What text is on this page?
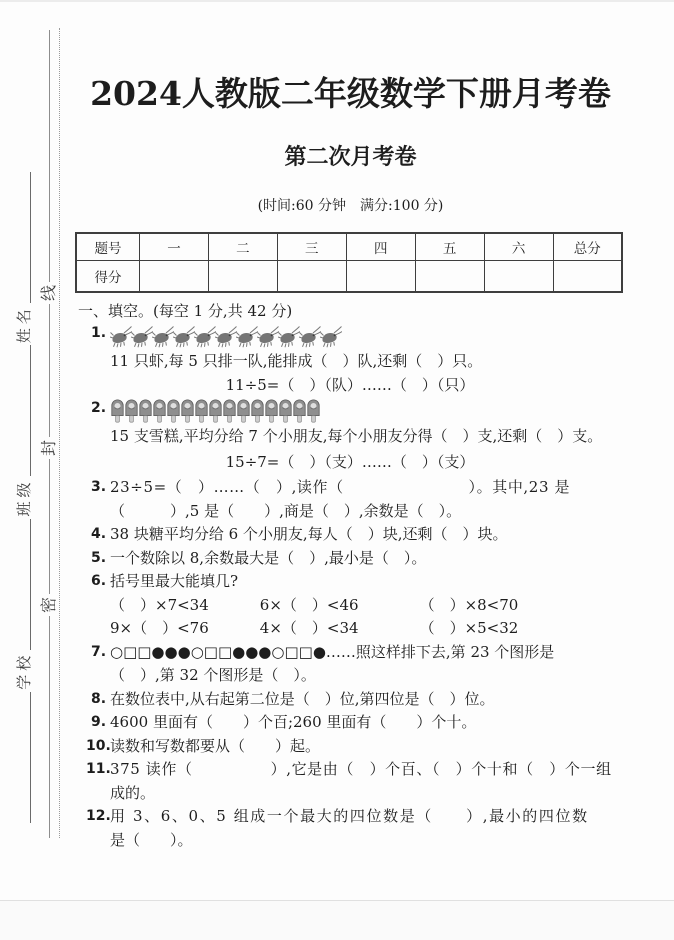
学校
班级
姓名
密
封
线
2024人教版二年级数学下册月考卷
第二次月考卷
(时间:60 分钟　满分:100 分)
题号	一	二	三	四	五	六	总分
得分							
一、填空。(每空 1 分,共 42 分)
1.
11 只虾,每 5 只排一队,能排成（　）队,还剩（　）只。
11÷5=（　）（队）……（　）（只）
2.
15 支雪糕,平均分给 7 个小朋友,每个小朋友分得（　）支,还剩（　）支。
15÷7=（　）（支）……（　）（支）
3. 23÷5=（　）……（　）,读作（　　　　　　　　）。其中,23 是
（　　　）,5 是（　　）,商是（　）,余数是（　）。
4. 38 块糖平均分给 6 个小朋友,每人（　）块,还剩（　）块。
5. 一个数除以 8,余数最大是（　）,最小是（　）。
6. 括号里最大能填几?
（　）×7<34	6×（　）<46	（　）×8<70
9×（　）<76	4×（　）<34	（　）×5<32
7. ○□□●●●○□□●●●○□□●……照这样排下去,第 23 个图形是
（　）,第 32 个图形是（　）。
8. 在数位表中,从右起第二位是（　）位,第四位是（　）位。
9. 4600 里面有（　　）个百;260 里面有（　　）个十。
10. 读数和写数都要从（　　）起。
11. 375 读作（　　　　　）,它是由（　）个百、（　）个十和（　）个一组
成的。
12. 用 3、6、0、5 组成一个最大的四位数是（　　）,最小的四位数
是（　　）。
